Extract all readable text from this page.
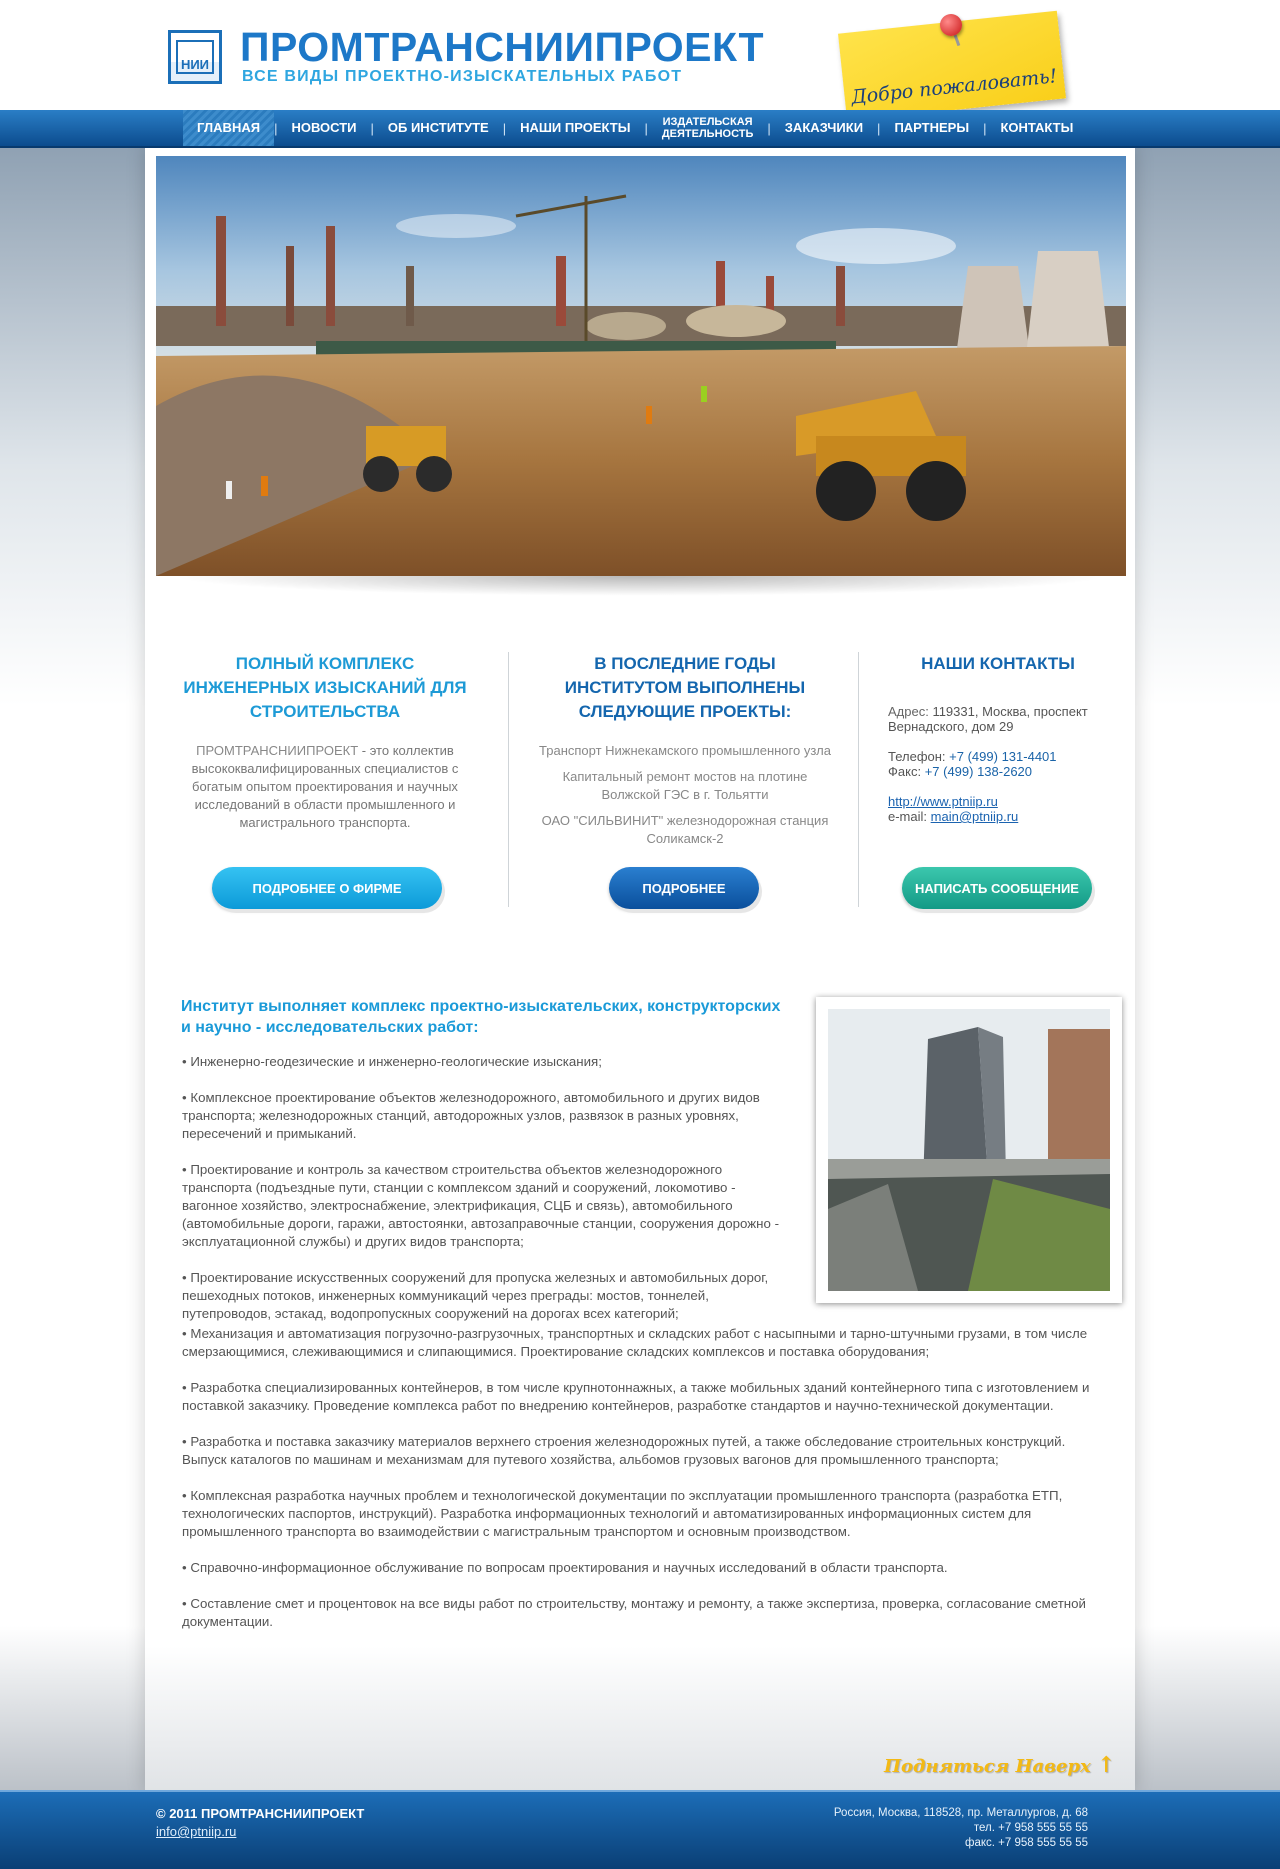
НИИ ПРОМТРАНСНИИПРОЕКТ
ВСЕ ВИДЫ ПРОЕКТНО-ИЗЫСКАТЕЛЬНЫХ РАБОТ	Добро пожаловать!
ГЛАВНАЯ	|	НОВОСТИ	|	ОБ ИНСТИТУТЕ	|	НАШИ ПРОЕКТЫ	| ИЗДАТЕЛЬСКАЯ
ДЕЯТЕЛЬНОСТЬ |	ЗАКАЗЧИКИ	|	ПАРТНЕРЫ	|	КОНТАКТЫ
ПОЛНЫЙ КОМПЛЕКС ИНЖЕНЕРНЫХ ИЗЫСКАНИЙ ДЛЯ СТРОИТЕЛЬСТВА
ПРОМТРАНСНИИПРОЕКТ - это коллектив высококвалифицированных специалистов с богатым опытом проектирования и научных исследований в области промышленного и магистрального транспорта.
В ПОСЛЕДНИЕ ГОДЫ ИНСТИТУТОМ ВЫПОЛНЕНЫ СЛЕДУЮЩИЕ ПРОЕКТЫ:
Транспорт Нижнекамского промышленного узла
Капитальный ремонт мостов на плотине Волжской ГЭС в г. Тольятти
ОАО "СИЛЬВИНИТ" железнодорожная станция Соликамск-2
НАШИ КОНТАКТЫ
Адрес: 119331, Москва, проспект Вернадского, дом 29
Телефон: +7 (499) 131-4401
Факс: +7 (499) 138-2620
http://www.ptniip.ru
e-mail: main@ptniip.ru
ПОДРОБНЕЕ О ФИРМЕ	ПОДРОБНЕЕ	НАПИСАТЬ СООБЩЕНИЕ
Институт выполняет комплекс проектно-изыскательских, конструкторских и научно - исследовательских работ:

• Инженерно-геодезические и инженерно-геологические изыскания;

• Комплексное проектирование объектов железнодорожного, автомобильного и других видов транспорта; железнодорожных станций, автодорожных узлов, развязок в разных уровнях, пересечений и примыканий.

• Проектирование и контроль за качеством строительства объектов железнодорожного транспорта (подъездные пути, станции с комплексом зданий и сооружений, локомотиво - вагонное хозяйство, электроснабжение, электрификация, СЦБ и связь), автомобильного (автомобильные дороги, гаражи, автостоянки, автозаправочные станции, сооружения дорожно - эксплуатационной службы) и других видов транспорта;

• Проектирование искусственных сооружений для пропуска железных и автомобильных дорог, пешеходных потоков, инженерных коммуникаций через преграды: мостов, тоннелей, путепроводов, эстакад, водопропускных сооружений на дорогах всех категорий;

• Механизация и автоматизация погрузочно-разгрузочных, транспортных и складских работ с насыпными и тарно-штучными грузами, в том числе смерзающимися, слеживающимися и слипающимися. Проектирование складских комплексов и поставка оборудования;

• Разработка специализированных контейнеров, в том числе крупнотоннажных, а также мобильных зданий контейнерного типа с изготовлением и поставкой заказчику. Проведение комплекса работ по внедрению контейнеров, разработке стандартов и научно-технической документации.

• Разработка и поставка заказчику материалов верхнего строения железнодорожных путей, а также обследование строительных конструкций. Выпуск каталогов по машинам и механизмам для путевого хозяйства, альбомов грузовых вагонов для промышленного транспорта;

• Комплексная разработка научных проблем и технологической документации по эксплуатации промышленного транспорта (разработка ЕТП, технологических паспортов, инструкций). Разработка информационных технологий и автоматизированных информационных систем для промышленного транспорта во взаимодействии с магистральным транспортом и основным производством.

• Справочно-информационное обслуживание по вопросам проектирования и научных исследований в области транспорта.

• Составление смет и процентовок на все виды работ по строительству, монтажу и ремонту, а также экспертиза, проверка, согласование сметной документации.

Подняться Наверх ↑
© 2011 ПРОМТРАНСНИИПРОЕКТ
info@ptniip.ru
Россия, Москва, 118528, пр. Металлургов, д. 68
тел. +7 958 555 55 55
факс. +7 958 555 55 55
